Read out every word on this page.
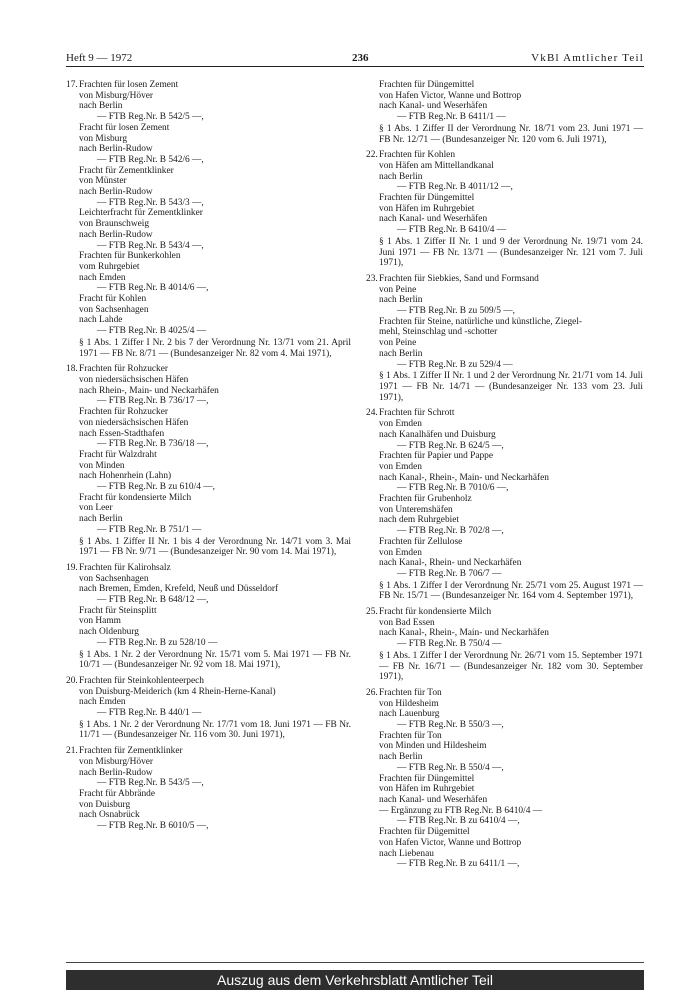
Heft 9 — 1972	236	VkBl Amtlicher Teil
17.Frachten für losen Zement
von Misburg/Höver
nach Berlin
— FTB Reg.Nr. B 542/5 —,
Fracht für losen Zement
von Misburg
nach Berlin-Rudow
— FTB Reg.Nr. B 542/6 —,
Fracht für Zementklinker
von Münster
nach Berlin-Rudow
— FTB Reg.Nr. B 543/3 —,
Leichterfracht für Zementklinker
von Braunschweig
nach Berlin-Rudow
— FTB Reg.Nr. B 543/4 —,
Frachten für Bunkerkohlen
vom Ruhrgebiet
nach Emden
— FTB Reg.Nr. B 4014/6 —,
Fracht für Kohlen
von Sachsenhagen
nach Lahde
— FTB Reg.Nr. B 4025/4 —
§ 1 Abs. 1 Ziffer I Nr. 2 bis 7 der Verordnung Nr. 13/71 vom 21. April 1971 — FB Nr. 8/71 — (Bundesanzeiger Nr. 82 vom 4. Mai 1971),
18.Frachten für Rohzucker
von niedersächsischen Häfen
nach Rhein-, Main- und Neckarhäfen
— FTB Reg.Nr. B 736/17 —,
Frachten für Rohzucker
von niedersächsischen Häfen
nach Essen-Stadthafen
— FTB Reg.Nr. B 736/18 —,
Fracht für Walzdraht
von Minden
nach Hohenrhein (Lahn)
— FTB Reg.Nr. B zu 610/4 —,
Fracht für kondensierte Milch
von Leer
nach Berlin
— FTB Reg.Nr. B 751/1 —
§ 1 Abs. 1 Ziffer II Nr. 1 bis 4 der Verordnung Nr. 14/71 vom 3. Mai 1971 — FB Nr. 9/71 — (Bundesanzeiger Nr. 90 vom 14. Mai 1971),
19.Frachten für Kalirohsalz
von Sachsenhagen
nach Bremen, Emden, Krefeld, Neuß und Düsseldorf
— FTB Reg.Nr. B 648/12 —,
Fracht für Steinsplitt
von Hamm
nach Oldenburg
— FTB Reg.Nr. B zu 528/10 —
§ 1 Abs. 1 Nr. 2 der Verordnung Nr. 15/71 vom 5. Mai 1971 — FB Nr. 10/71 — (Bundesanzeiger Nr. 92 vom 18. Mai 1971),
20.Frachten für Steinkohlenteerpech
von Duisburg-Meiderich (km 4 Rhein-Herne-Kanal)
nach Emden
— FTB Reg.Nr. B 440/1 —
§ 1 Abs. 1 Nr. 2 der Verordnung Nr. 17/71 vom 18. Juni 1971 — FB Nr. 11/71 — (Bundesanzeiger Nr. 116 vom 30. Juni 1971),
21.Frachten für Zementklinker
von Misburg/Höver
nach Berlin-Rudow
— FTB Reg.Nr. B 543/5 —,
Fracht für Abbrände
von Duisburg
nach Osnabrück
— FTB Reg.Nr. B 6010/5 —,
Frachten für Düngemittel
von Hafen Victor, Wanne und Bottrop
nach Kanal- und Weserhäfen
— FTB Reg.Nr. B 6411/1 —
§ 1 Abs. 1 Ziffer II der Verordnung Nr. 18/71 vom 23. Juni 1971 — FB Nr. 12/71 — (Bundesanzeiger Nr. 120 vom 6. Juli 1971),
22.Frachten für Kohlen
von Häfen am Mittellandkanal
nach Berlin
— FTB Reg.Nr. B 4011/12 —,
Frachten für Düngemittel
von Häfen im Ruhrgebiet
nach Kanal- und Weserhäfen
— FTB Reg.Nr. B 6410/4 —
§ 1 Abs. 1 Ziffer II Nr. 1 und 9 der Verordnung Nr. 19/71 vom 24. Juni 1971 — FB Nr. 13/71 — (Bundesanzeiger Nr. 121 vom 7. Juli 1971),
23.Frachten für Siebkies, Sand und Formsand
von Peine
nach Berlin
— FTB Reg.Nr. B zu 509/5 —,
Frachten für Steine, natürliche und künstliche, Ziegel-
mehl, Steinschlag und -schotter
von Peine
nach Berlin
— FTB Reg.Nr. B zu 529/4 —
§ 1 Abs. 1 Ziffer II Nr. 1 und 2 der Verordnung Nr. 21/71 vom 14. Juli 1971 — FB Nr. 14/71 — (Bundesanzeiger Nr. 133 vom 23. Juli 1971),
24.Frachten für Schrott
von Emden
nach Kanalhäfen und Duisburg
— FTB Reg.Nr. B 624/5 —,
Frachten für Papier und Pappe
von Emden
nach Kanal-, Rhein-, Main- und Neckarhäfen
— FTB Reg.Nr. B 7010/6 —,
Frachten für Grubenholz
von Unteremshäfen
nach dem Ruhrgebiet
— FTB Reg.Nr. B 702/8 —,
Frachten für Zellulose
von Emden
nach Kanal-, Rhein- und Neckarhäfen
— FTB Reg.Nr. B 706/7 —
§ 1 Abs. 1 Ziffer I der Verordnung Nr. 25/71 vom 25. August 1971 — FB Nr. 15/71 — (Bundesanzeiger Nr. 164 vom 4. September 1971),
25.Fracht für kondensierte Milch
von Bad Essen
nach Kanal-, Rhein-, Main- und Neckarhäfen
— FTB Reg.Nr. B 750/4 —
§ 1 Abs. 1 Ziffer I der Verordnung Nr. 26/71 vom 15. September 1971 — FB Nr. 16/71 — (Bundesanzeiger Nr. 182 vom 30. September 1971),
26.Frachten für Ton
von Hildesheim
nach Lauenburg
— FTB Reg.Nr. B 550/3 —,
Frachten für Ton
von Minden und Hildesheim
nach Berlin
— FTB Reg.Nr. B 550/4 —,
Frachten für Düngemittel
von Häfen im Ruhrgebiet
nach Kanal- und Weserhäfen
— Ergänzung zu FTB Reg.Nr. B 6410/4 —
— FTB Reg.Nr. B zu 6410/4 —,
Frachten für Dügemittel
von Hafen Victor, Wanne und Bottrop
nach Liebenau
— FTB Reg.Nr. B zu 6411/1 —,
Auszug aus dem Verkehrsblatt Amtlicher Teil
